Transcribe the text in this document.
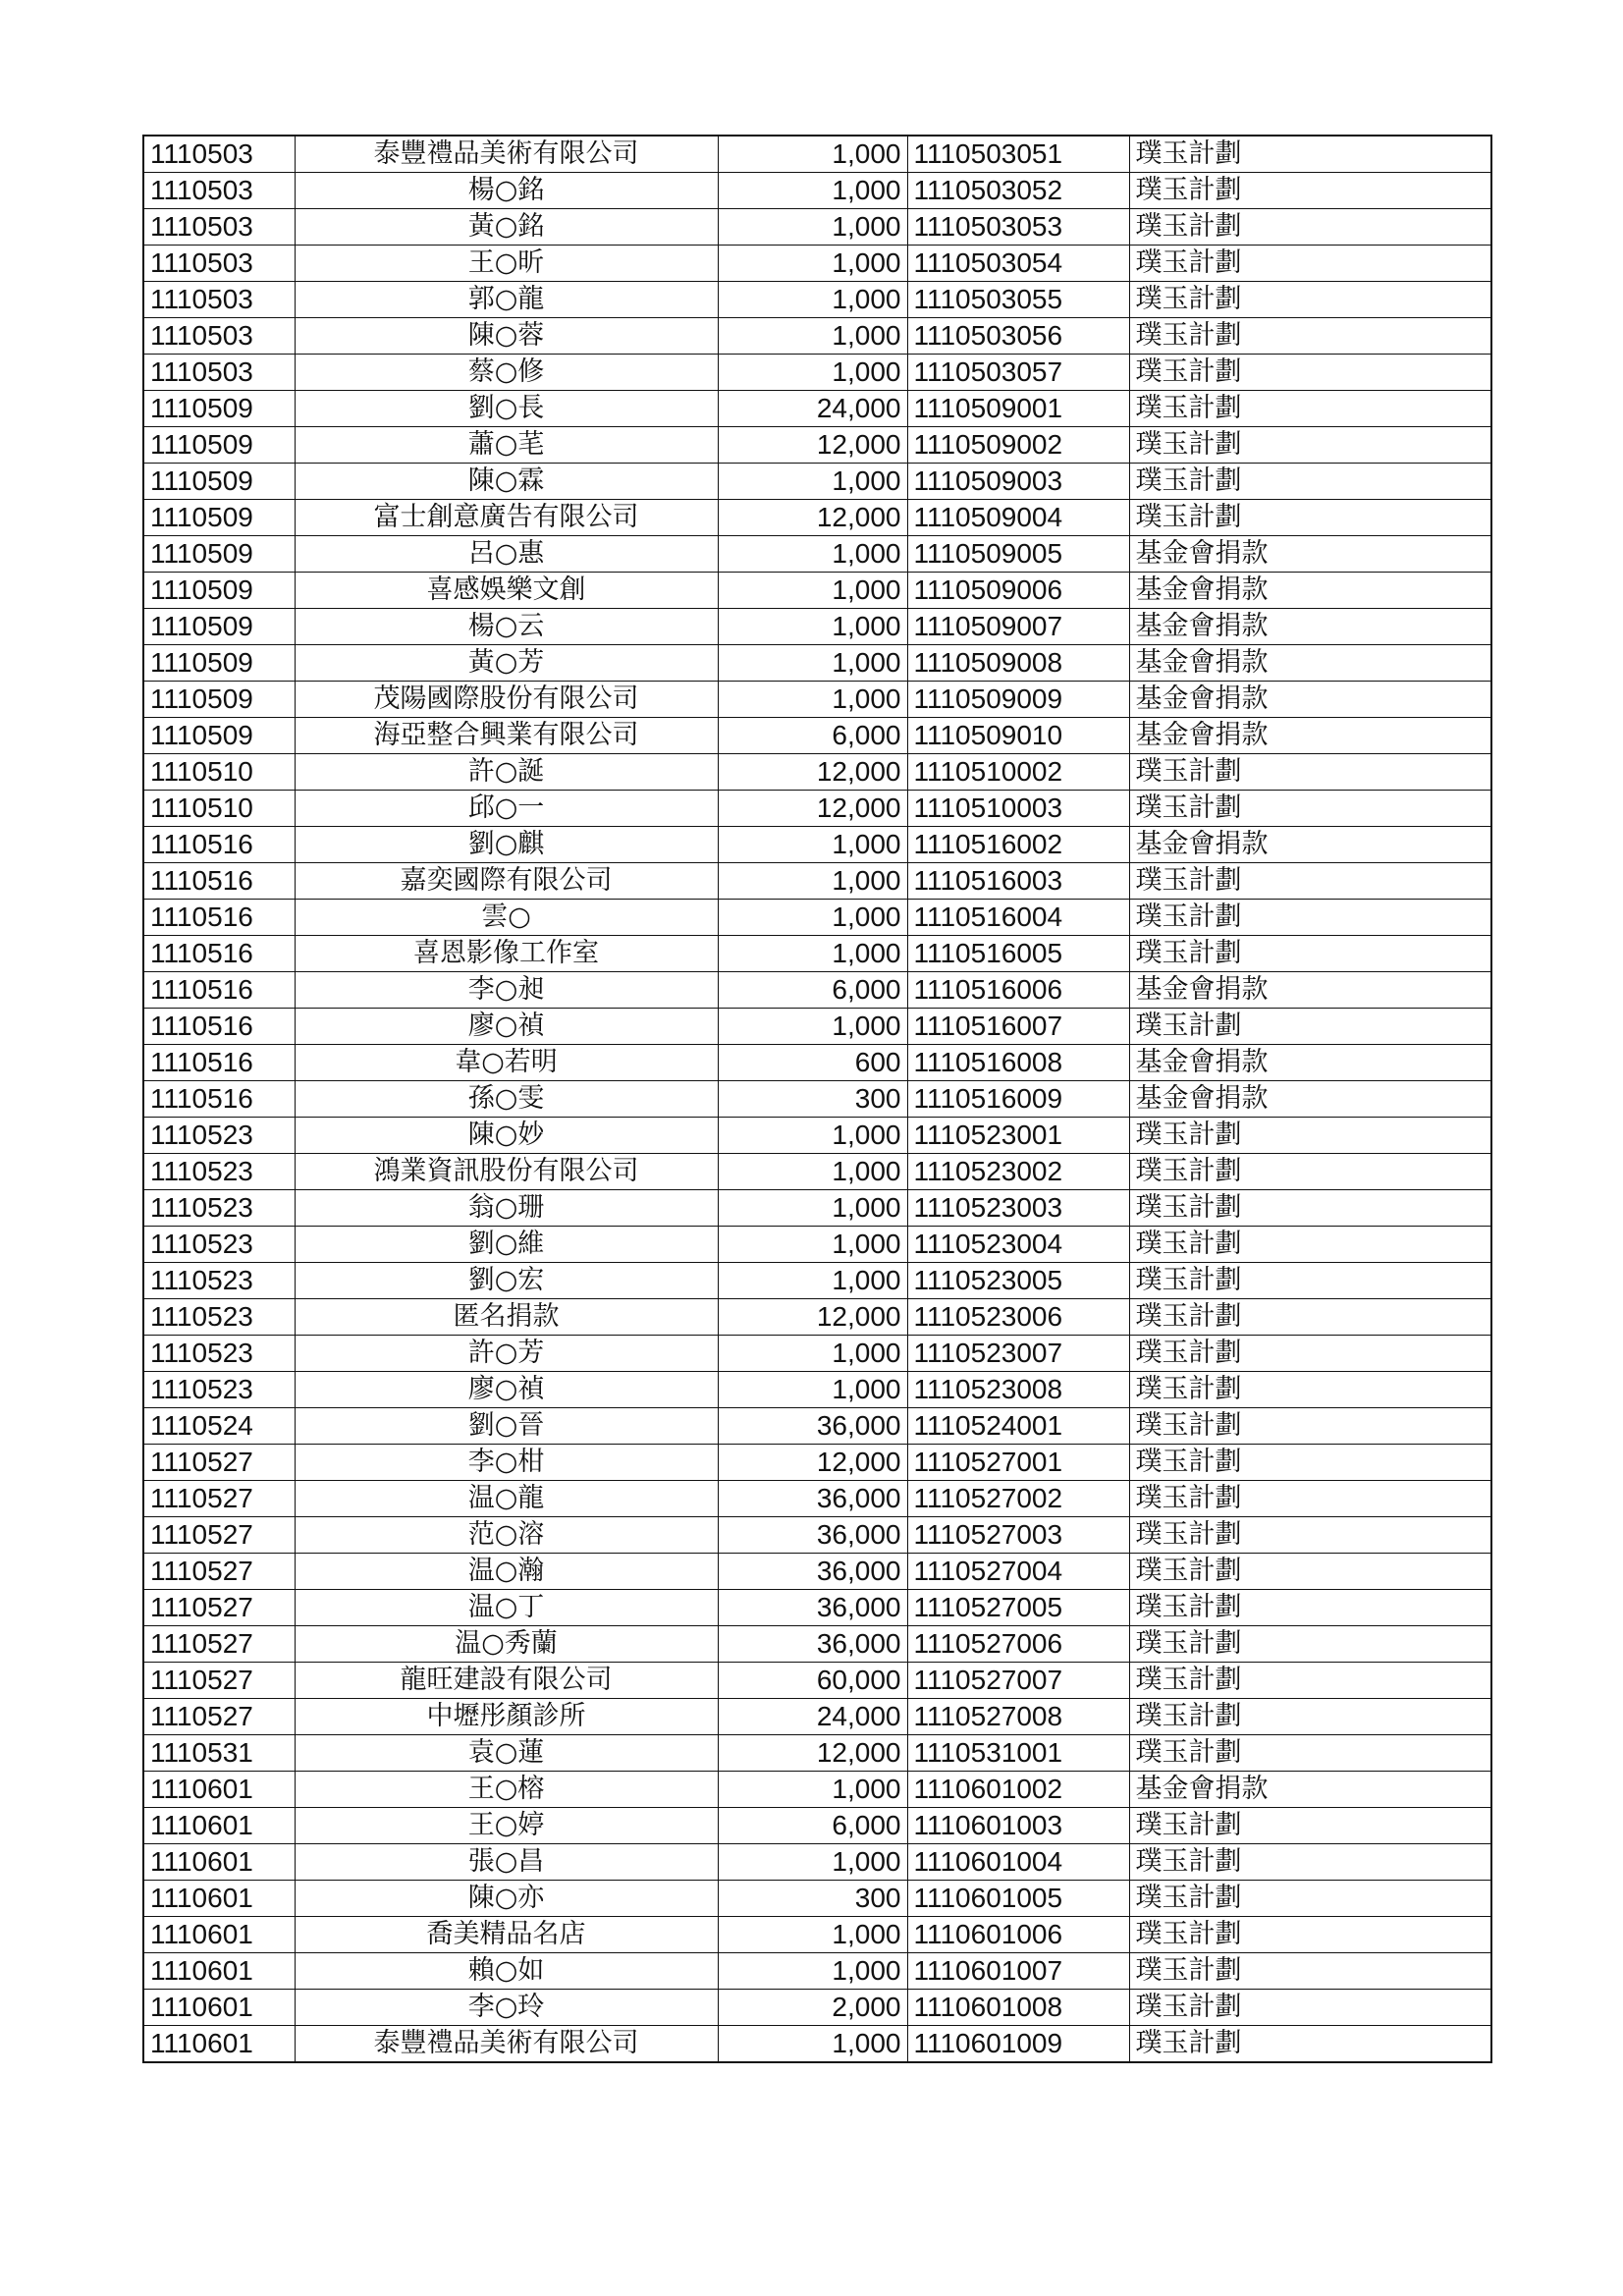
1110503	泰豐禮品美術有限公司	1,000	1110503051	璞玉計劃
1110503	楊○銘	1,000	1110503052	璞玉計劃
1110503	黃○銘	1,000	1110503053	璞玉計劃
1110503	王○昕	1,000	1110503054	璞玉計劃
1110503	郭○龍	1,000	1110503055	璞玉計劃
1110503	陳○蓉	1,000	1110503056	璞玉計劃
1110503	蔡○修	1,000	1110503057	璞玉計劃
1110509	劉○長	24,000	1110509001	璞玉計劃
1110509	蕭○芼	12,000	1110509002	璞玉計劃
1110509	陳○霖	1,000	1110509003	璞玉計劃
1110509	富士創意廣告有限公司	12,000	1110509004	璞玉計劃
1110509	呂○惠	1,000	1110509005	基金會捐款
1110509	喜感娛樂文創	1,000	1110509006	基金會捐款
1110509	楊○云	1,000	1110509007	基金會捐款
1110509	黃○芳	1,000	1110509008	基金會捐款
1110509	茂陽國際股份有限公司	1,000	1110509009	基金會捐款
1110509	海亞整合興業有限公司	6,000	1110509010	基金會捐款
1110510	許○誕	12,000	1110510002	璞玉計劃
1110510	邱○一	12,000	1110510003	璞玉計劃
1110516	劉○麒	1,000	1110516002	基金會捐款
1110516	嘉奕國際有限公司	1,000	1110516003	璞玉計劃
1110516	雲○	1,000	1110516004	璞玉計劃
1110516	喜恩影像工作室	1,000	1110516005	璞玉計劃
1110516	李○昶	6,000	1110516006	基金會捐款
1110516	廖○禎	1,000	1110516007	璞玉計劃
1110516	韋○若明	600	1110516008	基金會捐款
1110516	孫○雯	300	1110516009	基金會捐款
1110523	陳○妙	1,000	1110523001	璞玉計劃
1110523	鴻業資訊股份有限公司	1,000	1110523002	璞玉計劃
1110523	翁○珊	1,000	1110523003	璞玉計劃
1110523	劉○維	1,000	1110523004	璞玉計劃
1110523	劉○宏	1,000	1110523005	璞玉計劃
1110523	匿名捐款	12,000	1110523006	璞玉計劃
1110523	許○芳	1,000	1110523007	璞玉計劃
1110523	廖○禎	1,000	1110523008	璞玉計劃
1110524	劉○晉	36,000	1110524001	璞玉計劃
1110527	李○柑	12,000	1110527001	璞玉計劃
1110527	温○龍	36,000	1110527002	璞玉計劃
1110527	范○溶	36,000	1110527003	璞玉計劃
1110527	温○瀚	36,000	1110527004	璞玉計劃
1110527	温○丁	36,000	1110527005	璞玉計劃
1110527	温○秀蘭	36,000	1110527006	璞玉計劃
1110527	龍旺建設有限公司	60,000	1110527007	璞玉計劃
1110527	中壢彤顏診所	24,000	1110527008	璞玉計劃
1110531	袁○蓮	12,000	1110531001	璞玉計劃
1110601	王○榕	1,000	1110601002	基金會捐款
1110601	王○婷	6,000	1110601003	璞玉計劃
1110601	張○昌	1,000	1110601004	璞玉計劃
1110601	陳○亦	300	1110601005	璞玉計劃
1110601	喬美精品名店	1,000	1110601006	璞玉計劃
1110601	賴○如	1,000	1110601007	璞玉計劃
1110601	李○玲	2,000	1110601008	璞玉計劃
1110601	泰豐禮品美術有限公司	1,000	1110601009	璞玉計劃
